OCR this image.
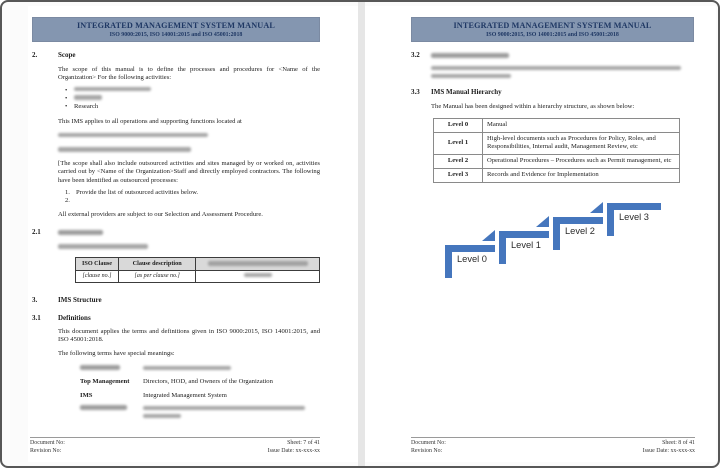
INTEGRATED MANAGEMENT SYSTEM MANUAL
ISO 9000:2015, ISO 14001:2015 and ISO 45001:2018
2.	Scope

The scope of this manual is to define the processes and procedures for <Name of the Organization> For the following activities:

•
•
•	Research

This IMS applies to all operations and supporting functions located at

[The scope shall also include outsourced activities and sites managed by or worked on, activities carried out by <Name of the Organization>Staff and directly employed contractors. The following have been identified as outsourced processes:

1. Provide the list of outsourced activities below.
2.

All external providers are subject to our Selection and Assessment Procedure.

2.1

ISO Clause	Clause description	
[clause no.]	[as per clause no.]	
3.	IMS Structure
3.1	Definitions

This document applies the terms and definitions given in ISO 9000:2015, ISO 14001:2015, and ISO 45001:2018.

The following terms have special meanings:

Top Management	Directors, HOD, and Owners of the Organization
IMS	Integrated Management System
Document No:
Revision No:
Sheet: 7 of 41
Issue Date: xx-xxx-xx
INTEGRATED MANAGEMENT SYSTEM MANUAL
ISO 9000:2015, ISO 14001:2015 and ISO 45001:2018
3.2

3.3	IMS Manual Hierarchy

The Manual has been designed within a hierarchy structure, as shown below:

Level 0	Manual
Level 1	High-level documents such as Procedures for Policy, Roles, and Responsibilities, Internal audit, Management Review, etc
Level 2	Operational Procedures – Procedures such as Permit management, etc
Level 3	Records and Evidence for Implementation
Level 0
Level 1
Level 2
Level 3
Document No:
Revision No:
Sheet: 8 of 41
Issue Date: xx-xxx-xx
